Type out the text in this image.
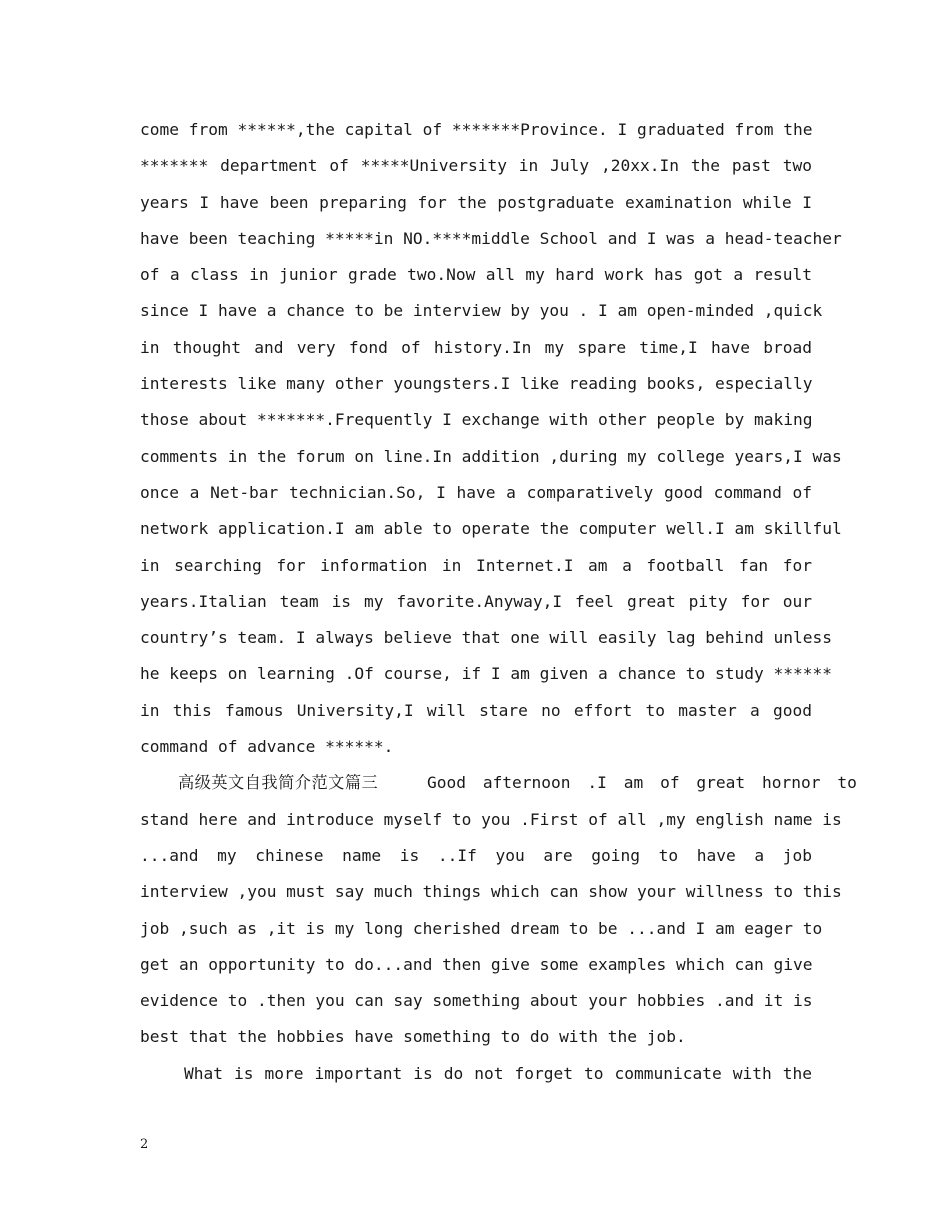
come from ******,the capital of *******Province. I graduated from the
******* department of *****University in July ,20xx.In the past two
years I have been preparing for the postgraduate examination while I
have been teaching *****in NO.****middle School and I was a head-teacher
of a class in junior grade two.Now all my hard work has got a result
since I have a chance to be interview by you . I am open-minded ,quick
in thought and very fond of history.In my spare time,I have broad
interests like many other youngsters.I like reading books, especially
those about *******.Frequently I exchange with other people by making
comments in the forum on line.In addition ,during my college years,I was
once a Net-bar technician.So, I have a comparatively good command of
network application.I am able to operate the computer well.I am skillful
in searching for information in Internet.I am a football fan for
years.Italian team is my favorite.Anyway,I feel great pity for our
country’s team. I always believe that one will easily lag behind unless
he keeps on learning .Of course, if I am given a chance to study ******
in this famous University,I will stare no effort to master a good
command of advance ******.
高级英文自我简介范文篇三	Good afternoon .I am of great hornor to
stand here and introduce myself to you .First of all ,my english name is
...and my chinese name is ..If you are going to have a job
interview ,you must say much things which can show your willness to this
job ,such as ,it is my long cherished dream to be ...and I am eager to
get an opportunity to do...and then give some examples which can give
evidence to .then you can say something about your hobbies .and it is
best that the hobbies have something to do with the job.
What is more important is do not forget to communicate with the
2
